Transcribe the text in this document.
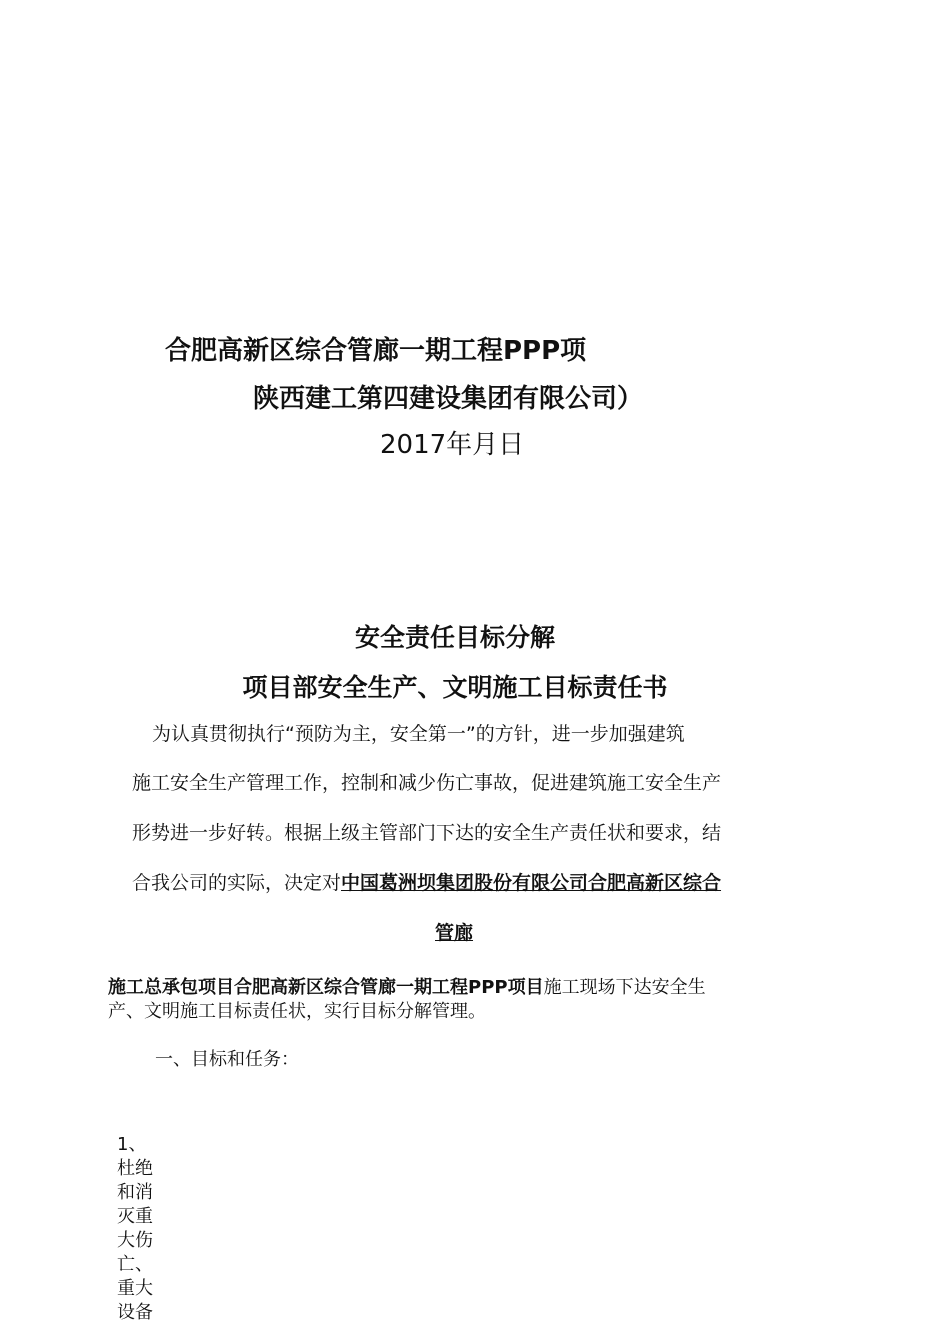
合肥高新区综合管廊一期工程PPP项
陕西建工第四建设集团有限公司）
2017年月日
安全责任目标分解
项目部安全生产、文明施工目标责任书
为认真贯彻执行“预防为主，安全第一”的方针，进一步加强建筑
施工安全生产管理工作，控制和减少伤亡事故，促进建筑施工安全生产
形势进一步好转。根据上级主管部门下达的安全生产责任状和要求，结
合我公司的实际，决定对中国葛洲坝集团股份有限公司合肥高新区综合
管廊
施工总承包项目合肥高新区综合管廊一期工程PPP项目施工现场下达安全生
产、文明施工目标责任状，实行目标分解管理。
一、目标和任务：
1、杜绝和消灭重大伤亡、重大设备
